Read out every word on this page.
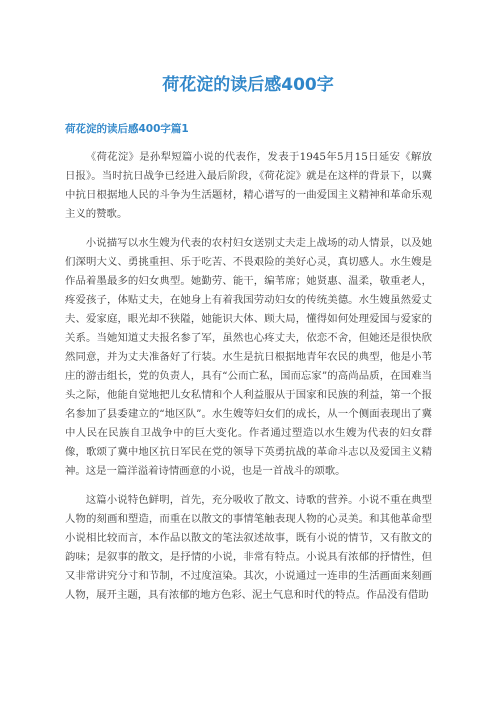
荷花淀的读后感400字
荷花淀的读后感400字篇1

《荷花淀》是孙犁短篇小说的代表作，发表于1945年5月15日延安《解放日报》。当时抗日战争已经进入最后阶段，《荷花淀》就是在这样的背景下，以冀中抗日根据地人民的斗争为生活题材，精心谱写的一曲爱国主义精神和革命乐观主义的赞歌。

小说描写以水生嫂为代表的农村妇女送别丈夫走上战场的动人情景，以及她们深明大义、勇挑重担、乐于吃苦、不畏艰险的美好心灵，真切感人。水生嫂是作品着墨最多的妇女典型。她勤劳、能干，编苇席；她贤惠、温柔，敬重老人，疼爱孩子，体贴丈夫，在她身上有着我国劳动妇女的传统美德。水生嫂虽然爱丈夫、爱家庭，眼光却不狭隘，她能识大体、顾大局，懂得如何处理爱国与爱家的关系。当她知道丈夫报名参了军，虽然也心疼丈夫，依恋不舍，但她还是很快欣然同意，并为丈夫准备好了行装。水生是抗日根据地青年农民的典型，他是小苇庄的游击组长，党的负责人，具有“公而亡私，国而忘家”的高尚品质，在国难当头之际，他能自觉地把儿女私情和个人利益服从于国家和民族的利益，第一个报名参加了县委建立的“地区队”。水生嫂等妇女们的成长，从一个侧面表现出了冀中人民在民族自卫战争中的巨大变化。作者通过塑造以水生嫂为代表的妇女群像，歌颂了冀中地区抗日军民在党的领导下英勇抗战的革命斗志以及爱国主义精神。这是一篇洋溢着诗情画意的小说，也是一首战斗的颂歌。

这篇小说特色鲜明，首先，充分吸收了散文、诗歌的营养。小说不重在典型人物的刻画和塑造，而重在以散文的事情笔触表现人物的心灵美。和其他革命型小说相比较而言，本作品以散文的笔法叙述故事，既有小说的情节，又有散文的韵味；是叙事的散文，是抒情的小说，非常有特点。小说具有浓郁的抒情性，但又非常讲究分寸和节制，不过度渲染。其次，小说通过一连串的生活画面来刻画人物，展开主题，具有浓郁的地方色彩、泥土气息和时代的特点。作品没有借助
